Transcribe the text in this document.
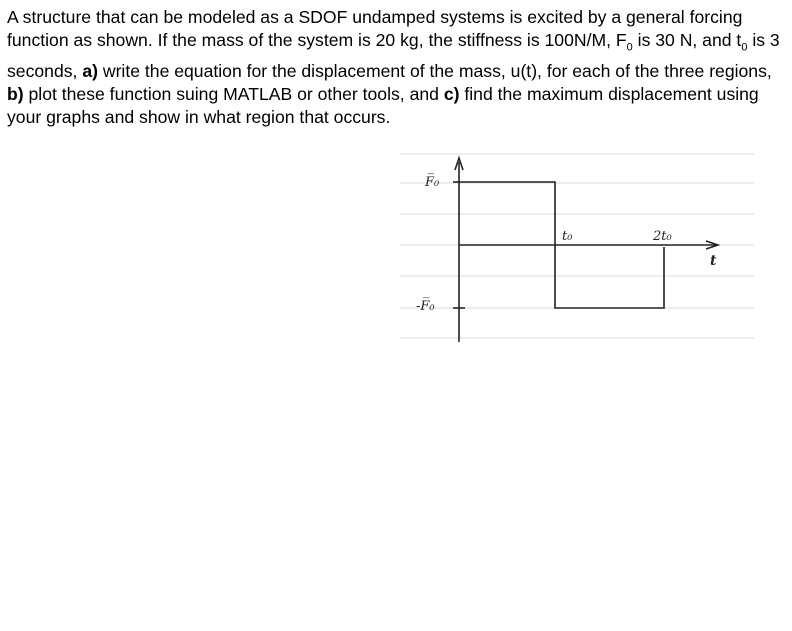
A structure that can be modeled as a SDOF undamped systems is excited by a general forcing function as shown. If the mass of the system is 20 kg, the stiffness is 100N/M, $F_0$ is 30 N, and $t_0$ is 3 seconds, a) write the equation for the displacement of the mass, u(t), for each of the three regions, b) plot these function suing MATLAB or other tools, and c) find the maximum displacement using your graphs and show in what region that occurs.

F̅₀
-F̅₀
t₀	2t₀
t
